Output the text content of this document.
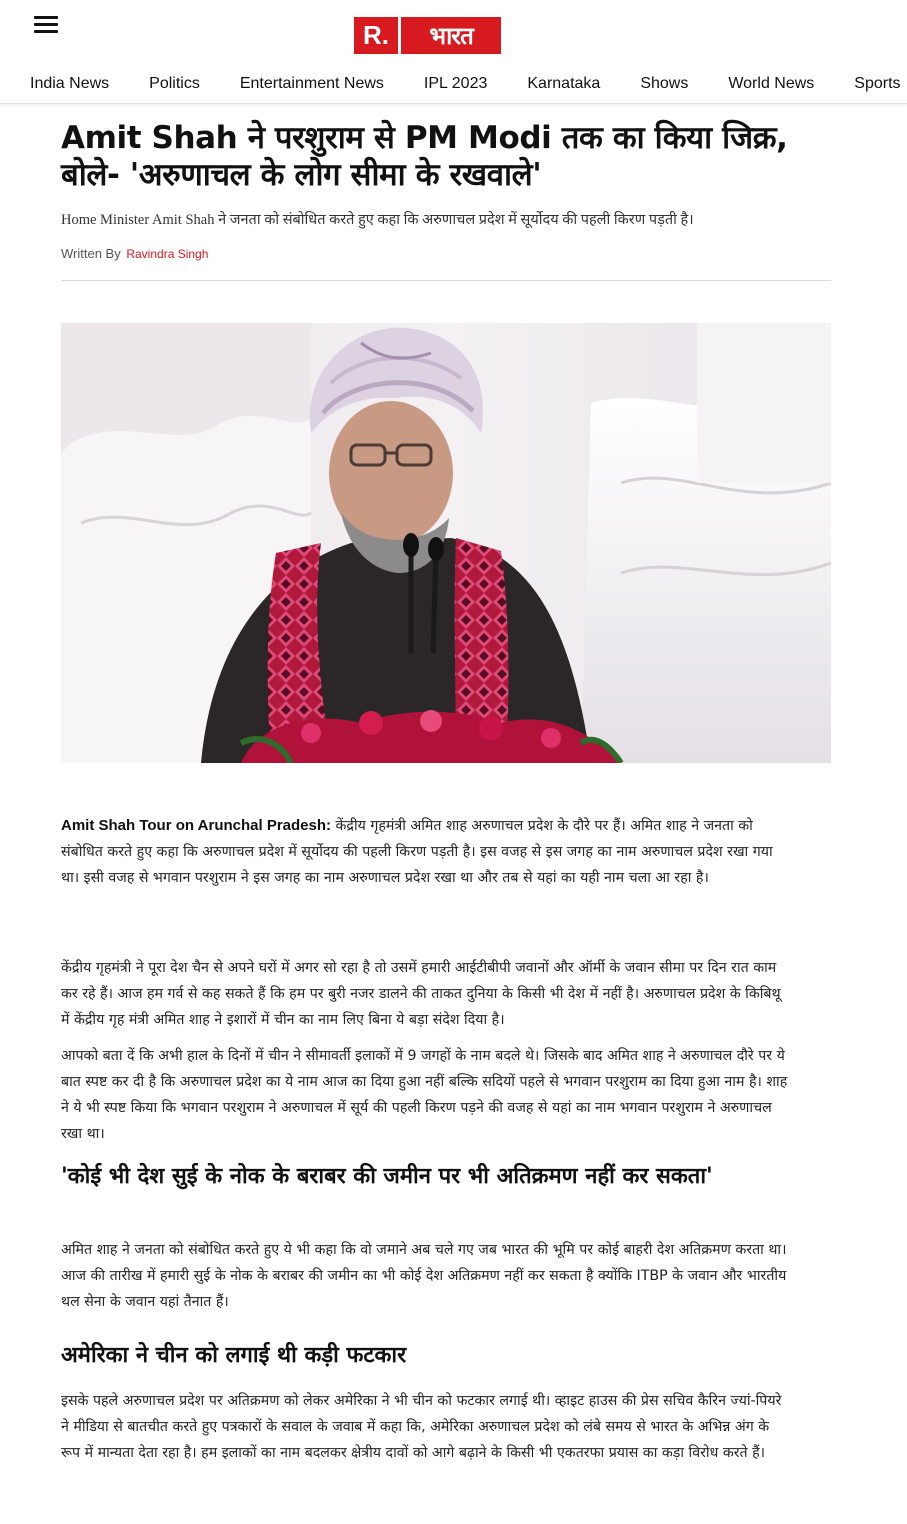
R.	भारत
India News	Politics	Entertainment News	IPL 2023	Karnataka	Shows	World News	Sports
Amit Shah ने परशुराम से PM Modi तक का किया जिक्र, बोले- 'अरुणाचल के लोग सीमा के रखवाले'

Home Minister Amit Shah ने जनता को संबोधित करते हुए कहा कि अरुणाचल प्रदेश में सूर्योदय की पहली किरण पड़ती है।

Written By Ravindra Singh

Amit Shah Tour on Arunchal Pradesh: केंद्रीय गृहमंत्री अमित शाह अरुणाचल प्रदेश के दौरे पर हैं। अमित शाह ने जनता को संबोधित करते हुए कहा कि अरुणाचल प्रदेश में सूर्योदय की पहली किरण पड़ती है। इस वजह से इस जगह का नाम अरुणाचल प्रदेश रखा गया था। इसी वजह से भगवान परशुराम ने इस जगह का नाम अरुणाचल प्रदेश रखा था और तब से यहां का यही नाम चला आ रहा है।

केंद्रीय गृहमंत्री ने पूरा देश चैन से अपने घरों में अगर सो रहा है तो उसमें हमारी आईटीबीपी जवानों और ऑर्मी के जवान सीमा पर दिन रात काम कर रहे हैं। आज हम गर्व से कह सकते हैं कि हम पर बुरी नजर डालने की ताकत दुनिया के किसी भी देश में नहीं है। अरुणाचल प्रदेश के किबिथू में केंद्रीय गृह मंत्री अमित शाह ने इशारों में चीन का नाम लिए बिना ये बड़ा संदेश दिया है।

आपको बता दें कि अभी हाल के दिनों में चीन ने सीमावर्ती इलाकों में 9 जगहों के नाम बदले थे। जिसके बाद अमित शाह ने अरुणाचल दौरे पर ये बात स्पष्ट कर दी है कि अरुणाचल प्रदेश का ये नाम आज का दिया हुआ नहीं बल्कि सदियों पहले से भगवान परशुराम का दिया हुआ नाम है। शाह ने ये भी स्पष्ट किया कि भगवान परशुराम ने अरुणाचल में सूर्य की पहली किरण पड़ने की वजह से यहां का नाम भगवान परशुराम ने अरुणाचल रखा था।

'कोई भी देश सुई के नोक के बराबर की जमीन पर भी अतिक्रमण नहीं कर सकता'

अमित शाह ने जनता को संबोधित करते हुए ये भी कहा कि वो जमाने अब चले गए जब भारत की भूमि पर कोई बाहरी देश अतिक्रमण करता था। आज की तारीख में हमारी सुई के नोक के बराबर की जमीन का भी कोई देश अतिक्रमण नहीं कर सकता है क्योंकि ITBP के जवान और भारतीय थल सेना के जवान यहां तैनात हैं।

अमेरिका ने चीन को लगाई थी कड़ी फटकार

इसके पहले अरुणाचल प्रदेश पर अतिक्रमण को लेकर अमेरिका ने भी चीन को फटकार लगाई थी। व्हाइट हाउस की प्रेस सचिव कैरिन ज्यां-पियरे ने मीडिया से बातचीत करते हुए पत्रकारों के सवाल के जवाब में कहा कि, अमेरिका अरुणाचल प्रदेश को लंबे समय से भारत के अभिन्न अंग के रूप में मान्यता देता रहा है। हम इलाकों का नाम बदलकर क्षेत्रीय दावों को आगे बढ़ाने के किसी भी एकतरफा प्रयास का कड़ा विरोध करते हैं।
